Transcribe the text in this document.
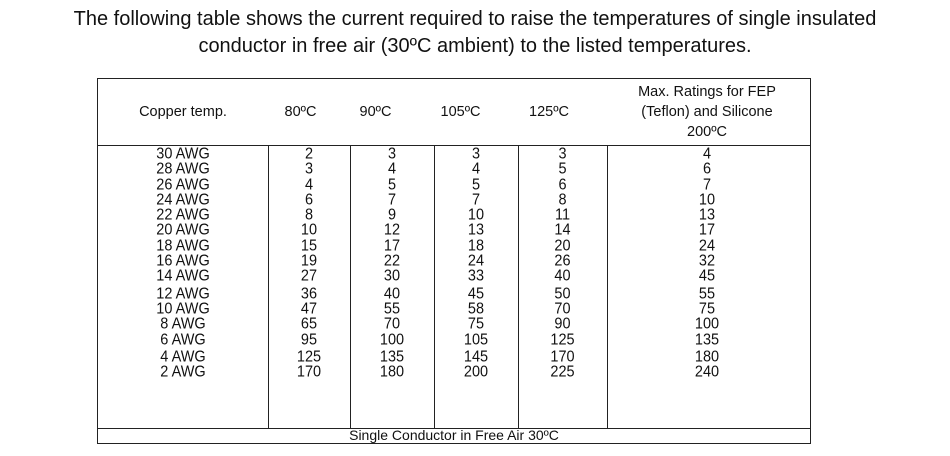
The following table shows the current required to raise the temperatures of single insulated
conductor in free air (30ºC ambient) to the listed temperatures.
Copper temp.	80ºC	90ºC	105ºC	125ºC
Max. Ratings for FEP
(Teflon) and Silicone
200ºC
30 AWG	2	3	3	3	4
28 AWG	3	4	4	5	6
26 AWG	4	5	5	6	7
24 AWG	6	7	7	8	10
22 AWG	8	9	10	11	13
20 AWG	10	12	13	14	17
18 AWG	15	17	18	20	24
16 AWG	19	22	24	26	32
14 AWG	27	30	33	40	45
12 AWG	36	40	45	50	55
10 AWG	47	55	58	70	75
8 AWG	65	70	75	90	100
6 AWG	95	100	105	125	135
4 AWG	125	135	145	170	180
2 AWG	170	180	200	225	240
Single Conductor in Free Air 30ºC
